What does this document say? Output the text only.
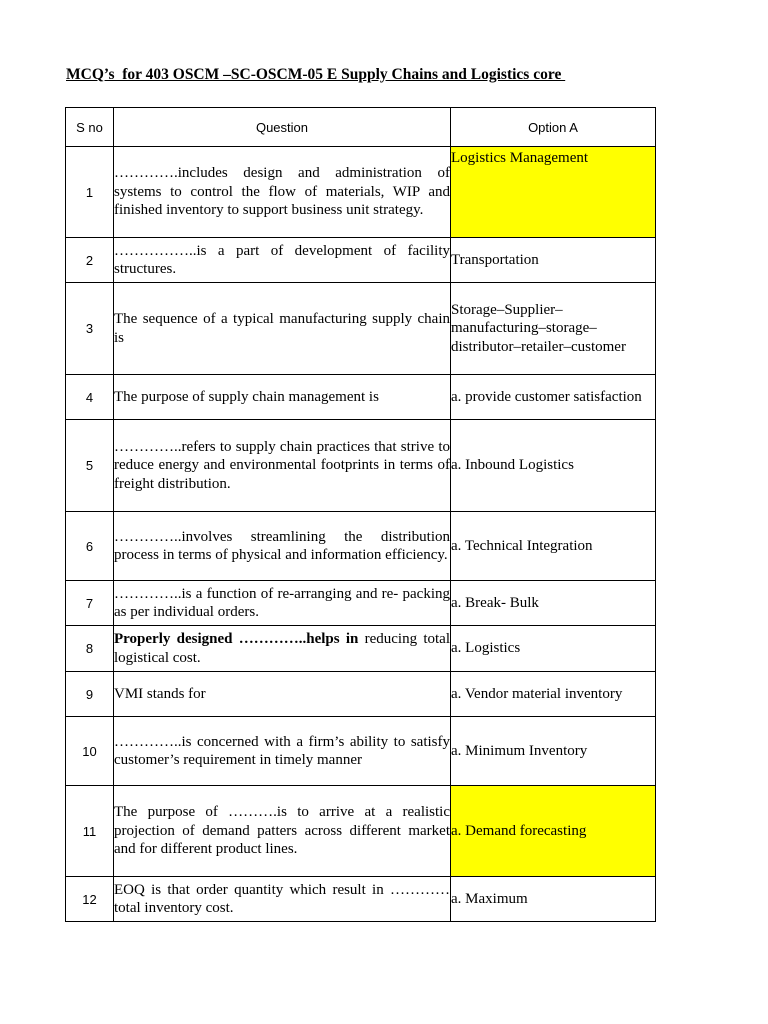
MCQ’s  for 403 OSCM –SC-OSCM-05 E Supply Chains and Logistics core
S no	Question	Option A
1	………….includes design and administration of systems to control the flow of materials, WIP and finished inventory to support business unit strategy.	Logistics Management
2	……………..is a part of development of facility structures.	Transportation
3	The sequence of a typical manufacturing supply chain is	Storage–Supplier–manufacturing–storage–distributor–retailer–customer
4	The purpose of supply chain management is	a. provide customer satisfaction
5	…………..refers to supply chain practices that strive to reduce energy and environmental footprints in terms of freight distribution.	a. Inbound Logistics
6	…………..involves streamlining the distribution process in terms of physical and information efficiency.	a. Technical Integration
7	…………..is a function of re-arranging and re- packing as per individual orders.	a. Break- Bulk
8	Properly designed …………..helps in reducing total logistical cost.	a. Logistics
9	VMI stands for	a. Vendor material inventory
10	…………..is concerned with a firm’s ability to satisfy customer’s requirement in timely manner	a. Minimum Inventory
11	The purpose of ……….is to arrive at a realistic projection of demand patters across different market and for different product lines.	a. Demand forecasting
12	EOQ is that order quantity which result in …………total inventory cost.	a. Maximum
